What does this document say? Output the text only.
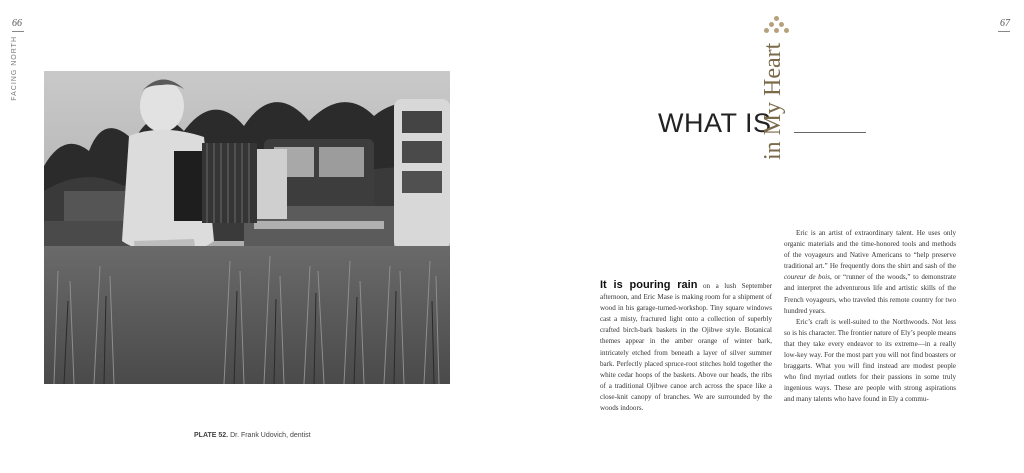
66
FACING NORTH
PLATE 52. Dr. Frank Udovich, dentist
67
WHAT IS
in My Heart

It is pouring rain on a lush September afternoon, and Eric Mase is making room for a shipment of wood in his garage-turned-workshop. Tiny square windows cast a misty, fractured light onto a collection of superbly crafted birch-bark baskets in the Ojibwe style. Botanical themes appear in the amber orange of winter bark, intricately etched from beneath a layer of silver summer bark. Perfectly placed spruce-root stitches hold together the white cedar hoops of the baskets. Above our heads, the ribs of a traditional Ojibwe canoe arch across the space like a close-knit canopy of branches. We are surrounded by the woods indoors.

Eric is an artist of extraordinary talent. He uses only organic materials and the time-honored tools and methods of the voyageurs and Native Americans to “help preserve traditional art.” He frequently dons the shirt and sash of the coureur de bois, or “runner of the woods,” to demonstrate and interpret the adventurous life and artistic skills of the French voyageurs, who traveled this remote country for two hundred years.

Eric’s craft is well-suited to the Northwoods. Not less so is his character. The frontier nature of Ely’s people means that they take every endeavor to its extreme—in a really low-key way. For the most part you will not find boasters or braggarts. What you will find instead are modest people who find myriad outlets for their passions in some truly ingenious ways. These are people with strong aspirations and many talents who have found in Ely a commu-
